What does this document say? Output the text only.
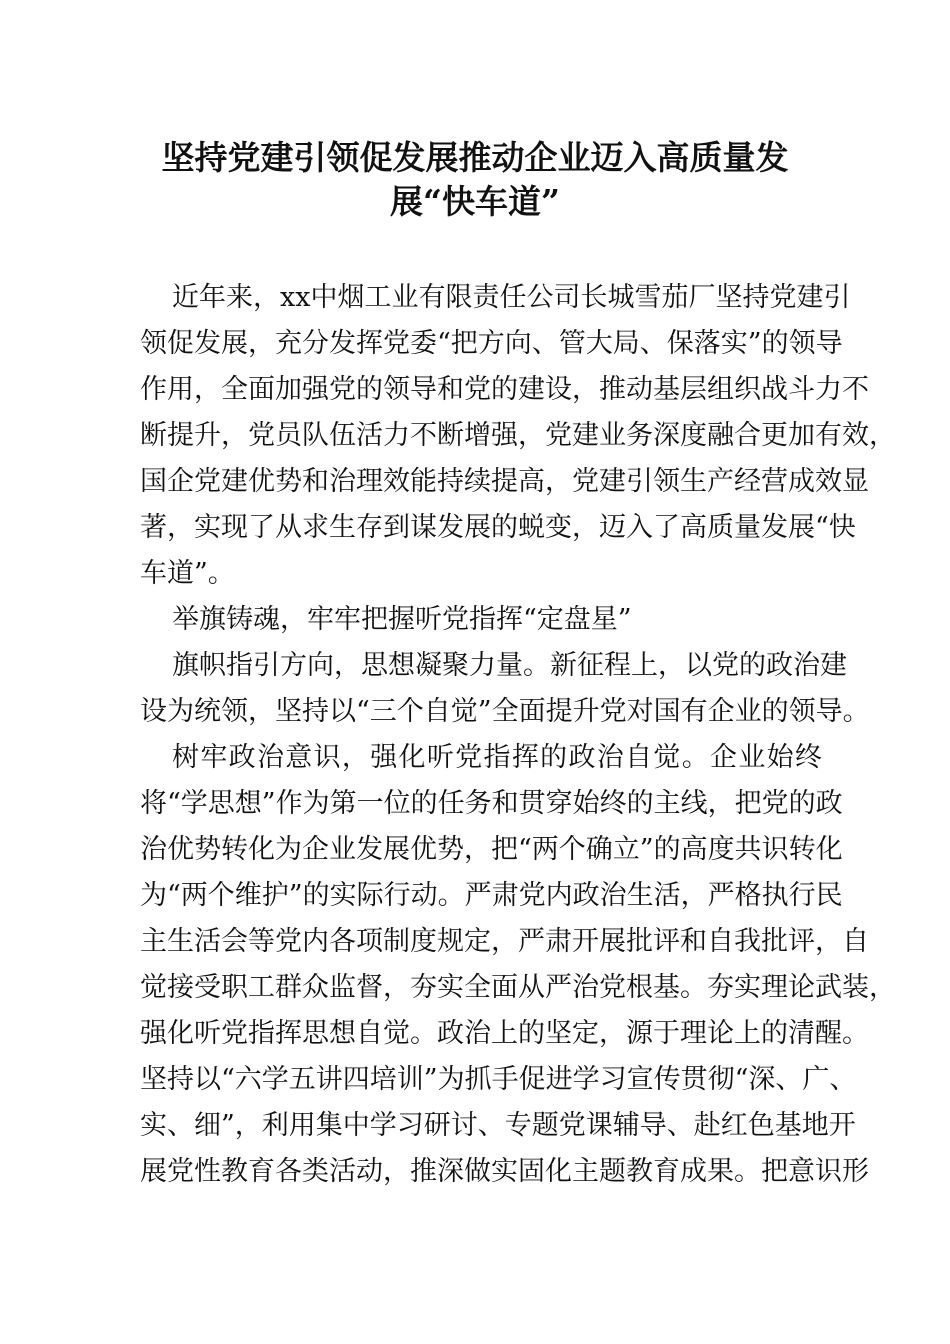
坚持党建引领促发展推动企业迈入高质量发
展“快车道”
近年来，xx中烟工业有限责任公司长城雪茄厂坚持党建引
领促发展，充分发挥党委“把方向、管大局、保落实”的领导
作用，全面加强党的领导和党的建设，推动基层组织战斗力不
断提升，党员队伍活力不断增强，党建业务深度融合更加有效，
国企党建优势和治理效能持续提高，党建引领生产经营成效显
著，实现了从求生存到谋发展的蜕变，迈入了高质量发展“快
车道”。
举旗铸魂，牢牢把握听党指挥“定盘星”
旗帜指引方向，思想凝聚力量。新征程上，以党的政治建
设为统领，坚持以“三个自觉”全面提升党对国有企业的领导。
树牢政治意识，强化听党指挥的政治自觉。企业始终
将“学思想”作为第一位的任务和贯穿始终的主线，把党的政
治优势转化为企业发展优势，把“两个确立”的高度共识转化
为“两个维护”的实际行动。严肃党内政治生活，严格执行民
主生活会等党内各项制度规定，严肃开展批评和自我批评，自
觉接受职工群众监督，夯实全面从严治党根基。夯实理论武装，
强化听党指挥思想自觉。政治上的坚定，源于理论上的清醒。
坚持以“六学五讲四培训”为抓手促进学习宣传贯彻“深、广、
实、细”，利用集中学习研讨、专题党课辅导、赴红色基地开
展党性教育各类活动，推深做实固化主题教育成果。把意识形
